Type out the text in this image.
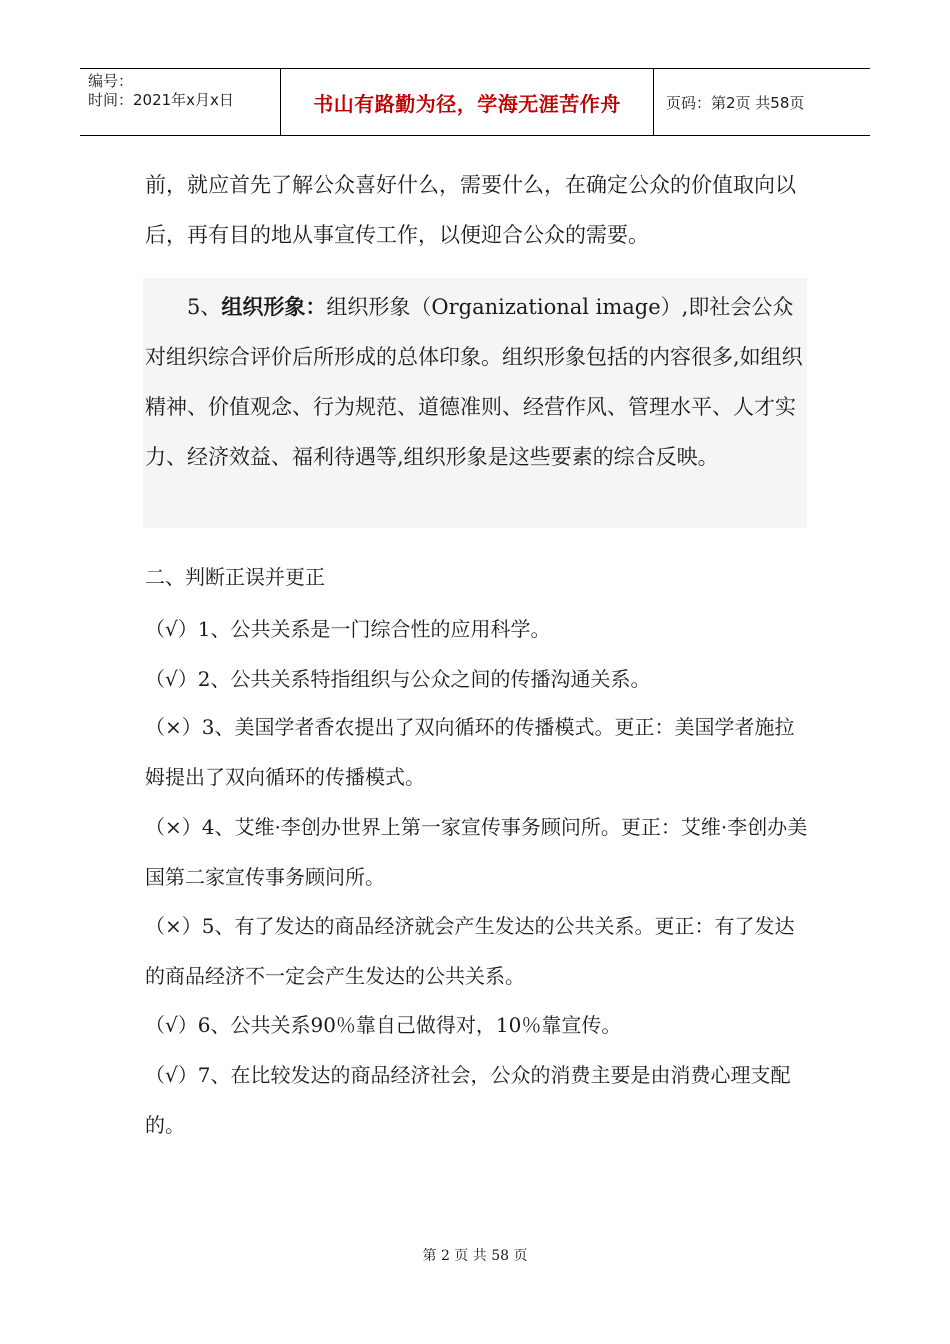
编号：
时间：2021年x月x日	书山有路勤为径，学海无涯苦作舟	页码：第2页 共58页

前，就应首先了解公众喜好什么，需要什么，在确定公众的价值取向以后，再有目的地从事宣传工作，以便迎合公众的需要。

5、组织形象：组织形象（Organizational image）,即社会公众对组织综合评价后所形成的总体印象。组织形象包括的内容很多,如组织精神、价值观念、行为规范、道德准则、经营作风、管理水平、人才实力、经济效益、福利待遇等,组织形象是这些要素的综合反映。

二、判断正误并更正

（√）1、公共关系是一门综合性的应用科学。

（√）2、公共关系特指组织与公众之间的传播沟通关系。

（×）3、美国学者香农提出了双向循环的传播模式。更正：美国学者施拉姆提出了双向循环的传播模式。

（×）4、艾维·李创办世界上第一家宣传事务顾问所。更正：艾维·李创办美国第二家宣传事务顾问所。

（×）5、有了发达的商品经济就会产生发达的公共关系。更正：有了发达的商品经济不一定会产生发达的公共关系。

（√）6、公共关系90％靠自己做得对，10％靠宣传。

（√）7、在比较发达的商品经济社会，公众的消费主要是由消费心理支配的。

第 2 页 共 58 页
